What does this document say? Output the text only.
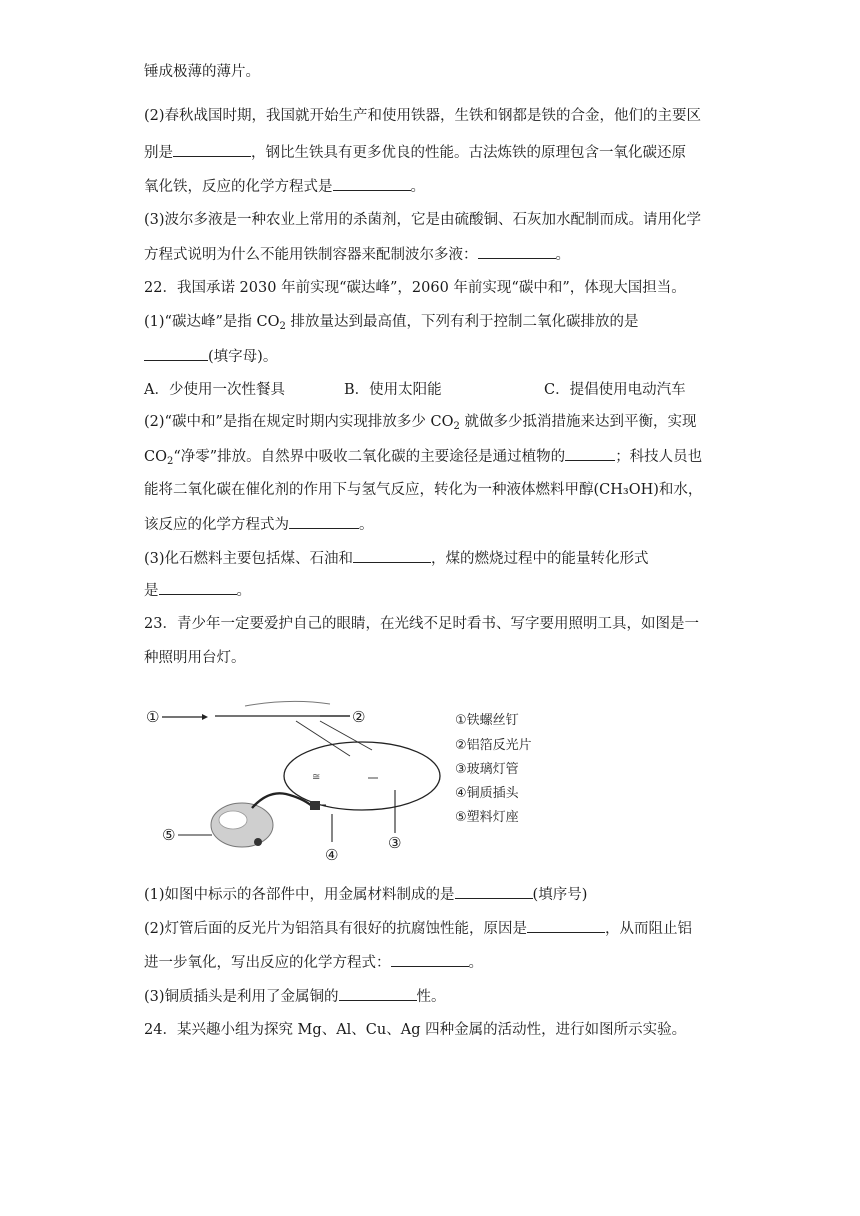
锤成极薄的薄片。
(2)春秋战国时期，我国就开始生产和使用铁器，生铁和钢都是铁的合金，他们的主要区
别是	，钢比生铁具有更多优良的性能。古法炼铁的原理包含一氧化碳还原
氧化铁，反应的化学方程式是	。
(3)波尔多液是一种农业上常用的杀菌剂，它是由硫酸铜、石灰加水配制而成。请用化学
方程式说明为什么不能用铁制容器来配制波尔多液：	。
22．我国承诺 2030 年前实现“碳达峰”，2060 年前实现“碳中和”，体现大国担当。
(1)“碳达峰”是指 $CO_2$ 排放量达到最高值，下列有利于控制二氧化碳排放的是
(填字母)。
A．少使用一次性餐具	B．使用太阳能	C．提倡使用电动汽车
(2)“碳中和”是指在规定时期内实现排放多少 $CO_2$ 就做多少抵消措施来达到平衡，实现
$CO_2“$净零”排放。自然界中吸收二氧化碳的主要途径是通过植物的	；科技人员也
能将二氧化碳在催化剂的作用下与氢气反应，转化为一种液体燃料甲醇(CH₃OH)和水，
该反应的化学方程式为	。
(3)化石燃料主要包括煤、石油和	，煤的燃烧过程中的能量转化形式
是	。
23．青少年一定要爱护自己的眼睛，在光线不足时看书、写字要用照明工具，如图是一
种照明用台灯。
①	②
≅
③
④
⑤
①铁螺丝钉
②铝箔反光片
③玻璃灯管
④铜质插头
⑤塑料灯座
(1)如图中标示的各部件中，用金属材料制成的是	(填序号)
(2)灯管后面的反光片为铝箔具有很好的抗腐蚀性能，原因是	，从而阻止铝
进一步氧化，写出反应的化学方程式：	。
(3)铜质插头是利用了金属铜的	性。
24．某兴趣小组为探究 Mg、Al、Cu、Ag 四种金属的活动性，进行如图所示实验。
